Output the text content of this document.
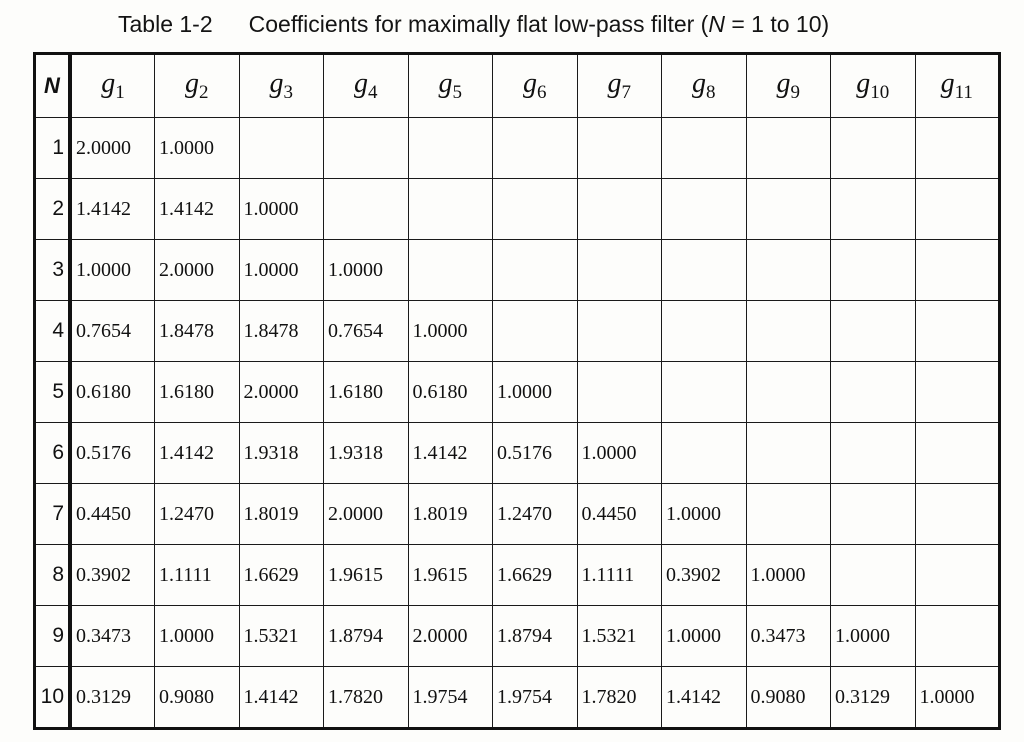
Table 1-2 Coefficients for maximally flat low-pass filter (N = 1 to 10)
N	$g_1$	$g_2$	$g_3$	$g_4$	$g_5$	$g_6$	$g_7$	$g_8$	$g_9$	$g_{10}$	$g_{11}$
1	2.0000	1.0000									
2	1.4142	1.4142	1.0000								
3	1.0000	2.0000	1.0000	1.0000							
4	0.7654	1.8478	1.8478	0.7654	1.0000						
5	0.6180	1.6180	2.0000	1.6180	0.6180	1.0000					
6	0.5176	1.4142	1.9318	1.9318	1.4142	0.5176	1.0000				
7	0.4450	1.2470	1.8019	2.0000	1.8019	1.2470	0.4450	1.0000			
8	0.3902	1.1111	1.6629	1.9615	1.9615	1.6629	1.1111	0.3902	1.0000		
9	0.3473	1.0000	1.5321	1.8794	2.0000	1.8794	1.5321	1.0000	0.3473	1.0000	
10	0.3129	0.9080	1.4142	1.7820	1.9754	1.9754	1.7820	1.4142	0.9080	0.3129	1.0000
